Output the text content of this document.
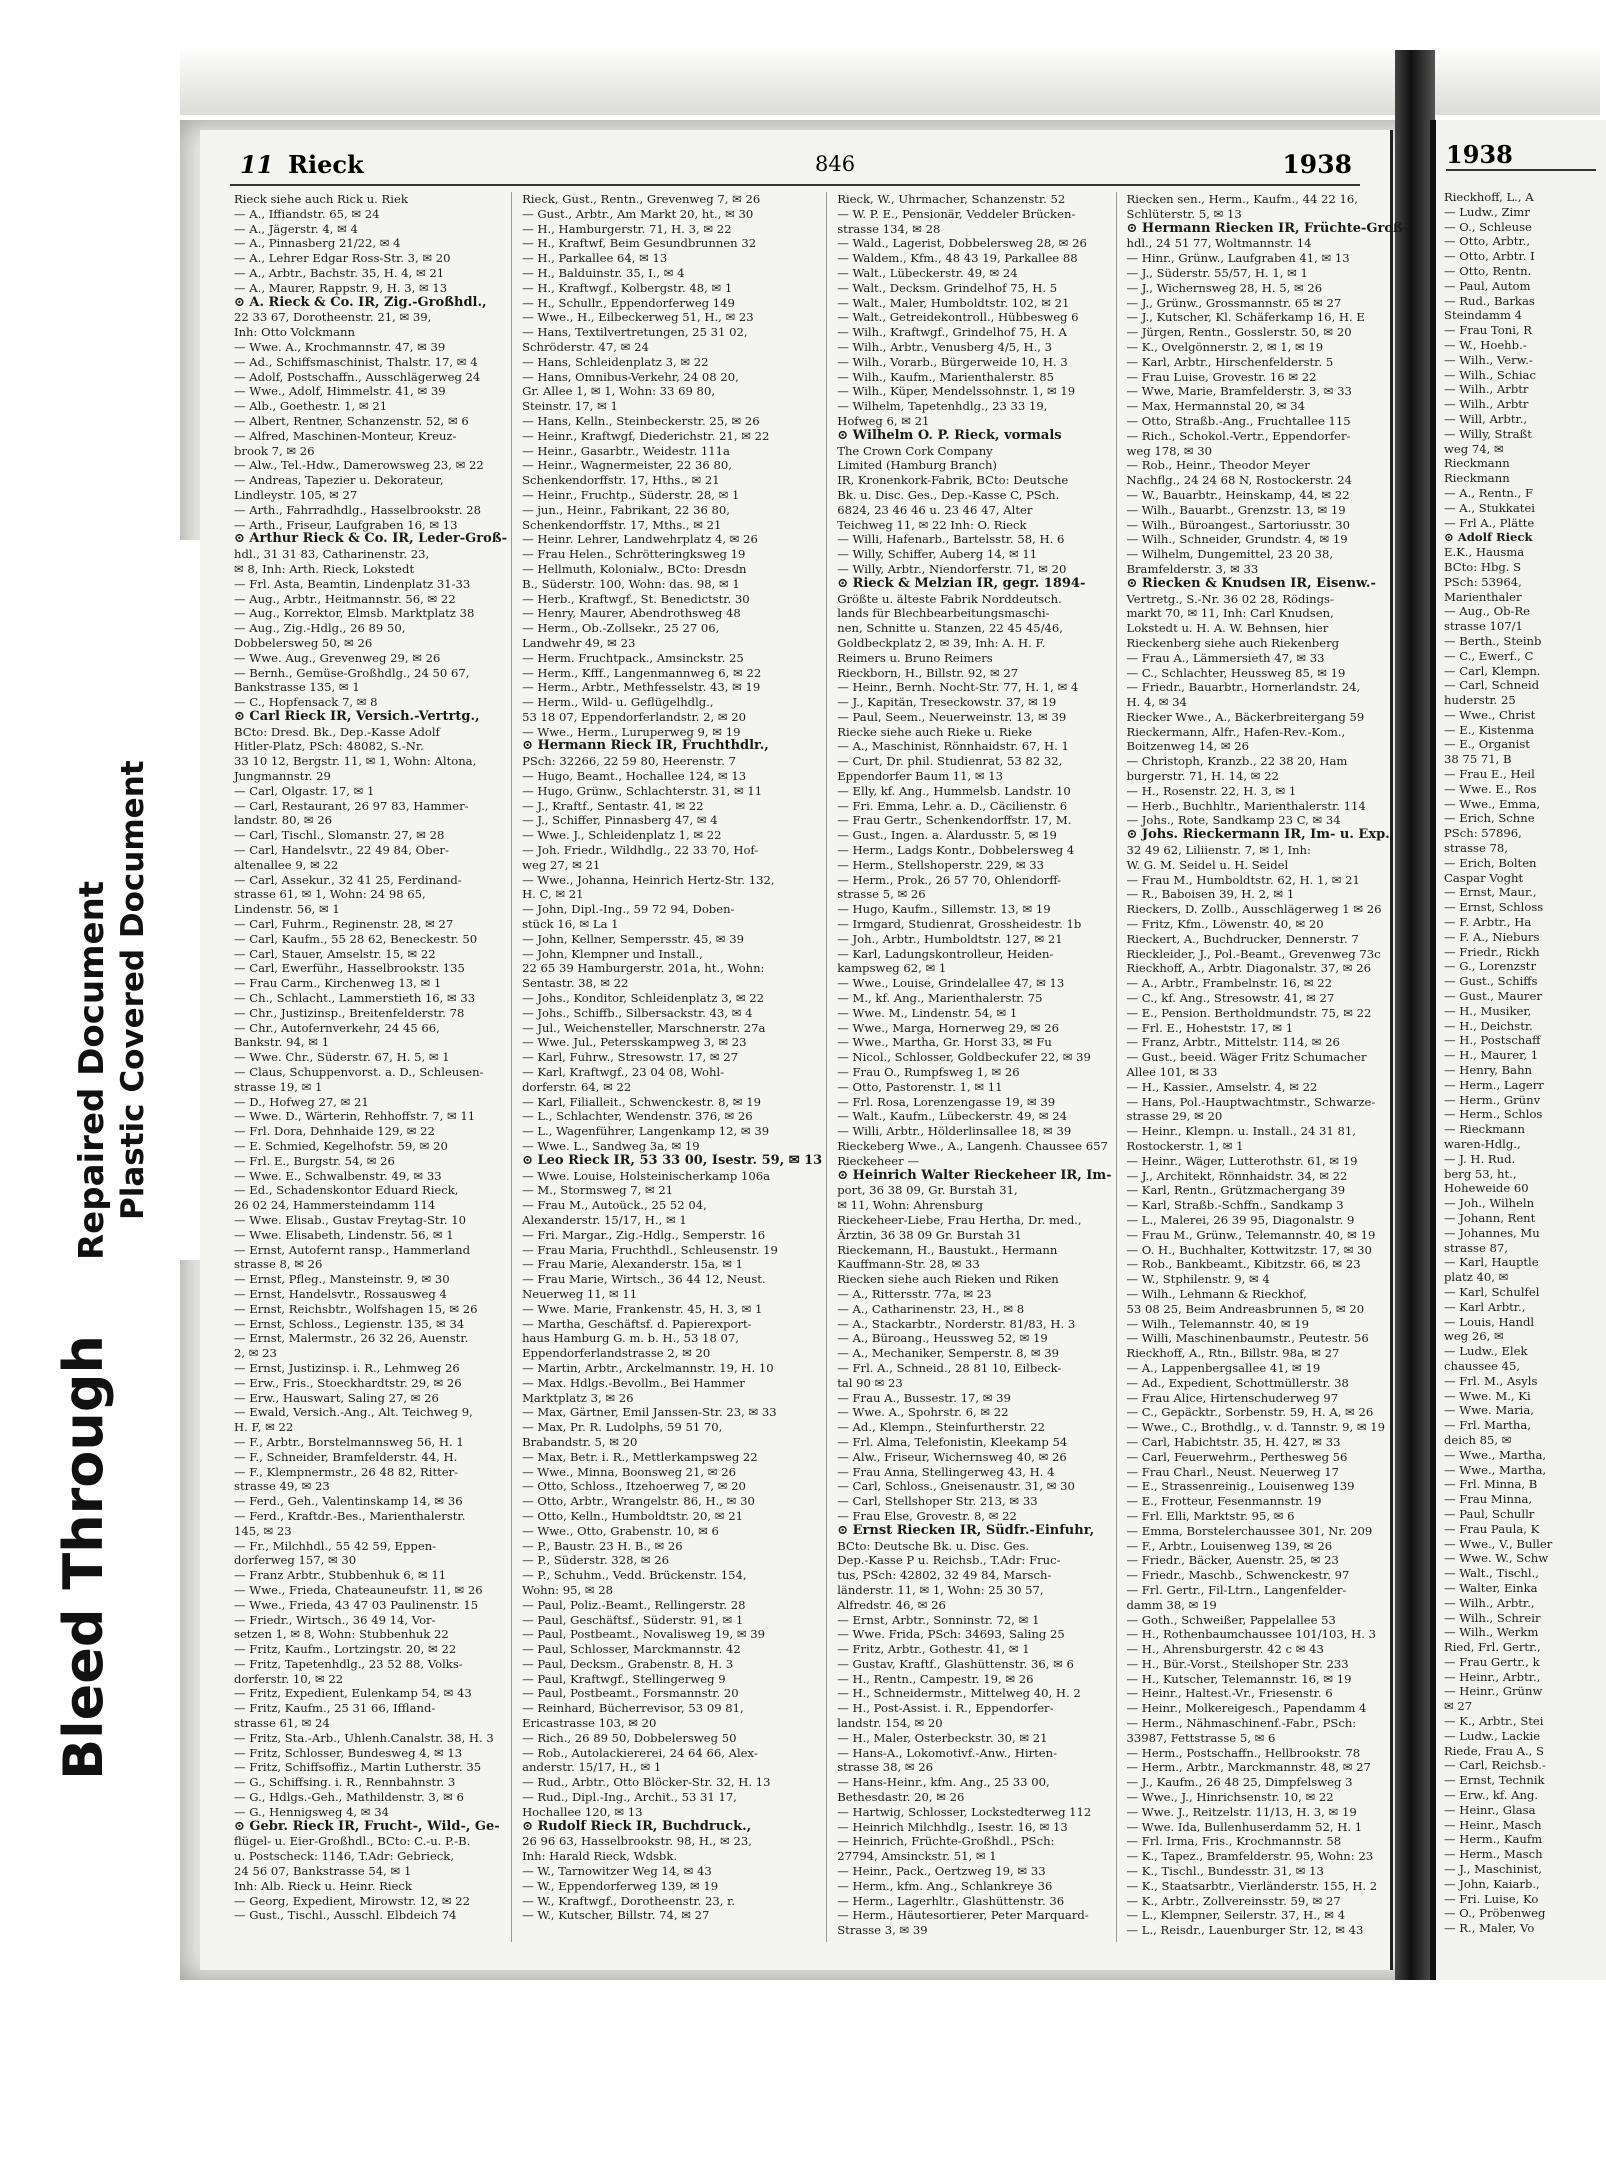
11 Rieck	846	1938
Rieck siehe auch Rick u. Riek
— A., Iffiandstr. 65, ✉ 24
— A., Jägerstr. 4, ✉ 4
— A., Pinnasberg 21/22, ✉ 4
— A., Lehrer Edgar Ross-Str. 3, ✉ 20
— A., Arbtr., Bachstr. 35, H. 4, ✉ 21
— A., Maurer, Rappstr. 9, H. 3, ✉ 13
⊙ A. Rieck & Co. IR, Zig.-Großhdl.,
22 33 67, Dorotheenstr. 21, ✉ 39,
Inh: Otto Volckmann
— Wwe. A., Krochmannstr. 47, ✉ 39
— Ad., Schiffsmaschinist, Thalstr. 17, ✉ 4
— Adolf, Postschaffn., Ausschlägerweg 24
— Wwe., Adolf, Himmelstr. 41, ✉ 39
— Alb., Goethestr. 1, ✉ 21
— Albert, Rentner, Schanzenstr. 52, ✉ 6
— Alfred, Maschinen-Monteur, Kreuz-
brook 7, ✉ 26
— Alw., Tel.-Hdw., Damerowsweg 23, ✉ 22
— Andreas, Tapezier u. Dekorateur,
Lindleystr. 105, ✉ 27
— Arth., Fahrradhdlg., Hasselbrookstr. 28
— Arth., Friseur, Laufgraben 16, ✉ 13
⊙ Arthur Rieck & Co. IR, Leder-Groß-
hdl., 31 31 83, Catharinenstr. 23,
✉ 8, Inh: Arth. Rieck, Lokstedt
— Frl. Asta, Beamtin, Lindenplatz 31-33
— Aug., Arbtr., Heitmannstr. 56, ✉ 22
— Aug., Korrektor, Elmsb. Marktplatz 38
— Aug., Zig.-Hdlg., 26 89 50,
Dobbelersweg 50, ✉ 26
— Wwe. Aug., Grevenweg 29, ✉ 26
— Bernh., Gemüse-Großhdlg., 24 50 67,
Bankstrasse 135, ✉ 1
— C., Hopfensack 7, ✉ 8
⊙ Carl Rieck IR, Versich.-Vertrtg.,
BCto: Dresd. Bk., Dep.-Kasse Adolf
Hitler-Platz, PSch: 48082, S.-Nr.
33 10 12, Bergstr. 11, ✉ 1, Wohn: Altona,
Jungmannstr. 29
— Carl, Olgastr. 17, ✉ 1
— Carl, Restaurant, 26 97 83, Hammer-
landstr. 80, ✉ 26
— Carl, Tischl., Slomanstr. 27, ✉ 28
— Carl, Handelsvtr., 22 49 84, Ober-
altenallee 9, ✉ 22
— Carl, Assekur., 32 41 25, Ferdinand-
strasse 61, ✉ 1, Wohn: 24 98 65,
Lindenstr. 56, ✉ 1
— Carl, Fuhrm., Reginenstr. 28, ✉ 27
— Carl, Kaufm., 55 28 62, Beneckestr. 50
— Carl, Stauer, Amselstr. 15, ✉ 22
— Carl, Ewerführ., Hasselbrookstr. 135
— Frau Carm., Kirchenweg 13, ✉ 1
— Ch., Schlacht., Lammerstieth 16, ✉ 33
— Chr., Justizinsp., Breitenfelderstr. 78
— Chr., Autofernverkehr, 24 45 66,
Bankstr. 94, ✉ 1
— Wwe. Chr., Süderstr. 67, H. 5, ✉ 1
— Claus, Schuppenvorst. a. D., Schleusen-
strasse 19, ✉ 1
— D., Hofweg 27, ✉ 21
— Wwe. D., Wärterin, Rehhoffstr. 7, ✉ 11
— Frl. Dora, Dehnhaide 129, ✉ 22
— E. Schmied, Kegelhofstr. 59, ✉ 20
— Frl. E., Burgstr. 54, ✉ 26
— Wwe. E., Schwalbenstr. 49, ✉ 33
— Ed., Schadenskontor Eduard Rieck,
26 02 24, Hammersteindamm 114
— Wwe. Elisab., Gustav Freytag-Str. 10
— Wwe. Elisabeth, Lindenstr. 56, ✉ 1
— Ernst, Autofernt ransp., Hammerland
strasse 8, ✉ 26
— Ernst, Pfleg., Mansteinstr. 9, ✉ 30
— Ernst, Handelsvtr., Rossausweg 4
— Ernst, Reichsbtr., Wolfshagen 15, ✉ 26
— Ernst, Schloss., Legienstr. 135, ✉ 34
— Ernst, Malermstr., 26 32 26, Auenstr.
2, ✉ 23
— Ernst, Justizinsp. i. R., Lehmweg 26
— Erw., Fris., Stoeckhardtstr. 29, ✉ 26
— Erw., Hauswart, Saling 27, ✉ 26
— Ewald, Versich.-Ang., Alt. Teichweg 9,
H. F, ✉ 22
— F., Arbtr., Borstelmannsweg 56, H. 1
— F., Schneider, Bramfelderstr. 44, H.
— F., Klempnermstr., 26 48 82, Ritter-
strasse 49, ✉ 23
— Ferd., Geh., Valentinskamp 14, ✉ 36
— Ferd., Kraftdr.-Bes., Marienthalerstr.
145, ✉ 23
— Fr., Milchhdl., 55 42 59, Eppen-
dorferweg 157, ✉ 30
— Franz Arbtr., Stubbenhuk 6, ✉ 11
— Wwe., Frieda, Chateauneufstr. 11, ✉ 26
— Wwe., Frieda, 43 47 03 Paulinenstr. 15
— Friedr., Wirtsch., 36 49 14, Vor-
setzen 1, ✉ 8, Wohn: Stubbenhuk 22
— Fritz, Kaufm., Lortzingstr. 20, ✉ 22
— Fritz, Tapetenhdlg., 23 52 88, Volks-
dorferstr. 10, ✉ 22
— Fritz, Expedient, Eulenkamp 54, ✉ 43
— Fritz, Kaufm., 25 31 66, Iffland-
strasse 61, ✉ 24
— Fritz, Sta.-Arb., Uhlenh.Canalstr. 38, H. 3
— Fritz, Schlosser, Bundesweg 4, ✉ 13
— Fritz, Schiffsoffiz., Martin Lutherstr. 35
— G., Schiffsing. i. R., Rennbahnstr. 3
— G., Hdlgs.-Geh., Mathildenstr. 3, ✉ 6
— G., Hennigsweg 4, ✉ 34
⊙ Gebr. Rieck IR, Frucht-, Wild-, Ge-
flügel- u. Eier-Großhdl., BCto: C.-u. P.-B.
u. Postscheck: 1146, T.Adr: Gebrieck,
24 56 07, Bankstrasse 54, ✉ 1
Inh: Alb. Rieck u. Heinr. Rieck
— Georg, Expedient, Mirowstr. 12, ✉ 22
— Gust., Tischl., Ausschl. Elbdeich 74
Rieck, Gust., Rentn., Grevenweg 7, ✉ 26
— Gust., Arbtr., Am Markt 20, ht., ✉ 30
— H., Hamburgerstr. 71, H. 3, ✉ 22
— H., Kraftwf, Beim Gesundbrunnen 32
— H., Parkallee 64, ✉ 13
— H., Balduinstr. 35, I., ✉ 4
— H., Kraftwgf., Kolbergstr. 48, ✉ 1
— H., Schullr., Eppendorferweg 149
— Wwe., H., Eilbeckerweg 51, H., ✉ 23
— Hans, Textilvertretungen, 25 31 02,
Schröderstr. 47, ✉ 24
— Hans, Schleidenplatz 3, ✉ 22
— Hans, Omnibus-Verkehr, 24 08 20,
Gr. Allee 1, ✉ 1, Wohn: 33 69 80,
Steinstr. 17, ✉ 1
— Hans, Kelln., Steinbeckerstr. 25, ✉ 26
— Heinr., Kraftwgf, Diederichstr. 21, ✉ 22
— Heinr., Gasarbtr., Weidestr. 111a
— Heinr., Wagnermeister, 22 36 80,
Schenkendorffstr. 17, Hths., ✉ 21
— Heinr., Fruchtp., Süderstr. 28, ✉ 1
— jun., Heinr., Fabrikant, 22 36 80,
Schenkendorffstr. 17, Mths., ✉ 21
— Heinr. Lehrer, Landwehrplatz 4, ✉ 26
— Frau Helen., Schrötteringksweg 19
— Hellmuth, Kolonialw., BCto: Dresdn
B., Süderstr. 100, Wohn: das. 98, ✉ 1
— Herb., Kraftwgf., St. Benedictstr. 30
— Henry, Maurer, Abendrothsweg 48
— Herm., Ob.-Zollsekr., 25 27 06,
Landwehr 49, ✉ 23
— Herm. Fruchtpack., Amsinckstr. 25
— Herm., Kfff., Langenmannweg 6, ✉ 22
— Herm., Arbtr., Methfesselstr. 43, ✉ 19
— Herm., Wild- u. Geflügelhdlg.,
53 18 07, Eppendorferlandstr. 2, ✉ 20
— Wwe., Herm., Luruperweg 9, ✉ 19
⊙ Hermann Rieck IR, Fruchthdlr.,
PSch: 32266, 22 59 80, Heerenstr. 7
— Hugo, Beamt., Hochallee 124, ✉ 13
— Hugo, Grünw., Schlachterstr. 31, ✉ 11
— J., Kraftf., Sentastr. 41, ✉ 22
— J., Schiffer, Pinnasberg 47, ✉ 4
— Wwe. J., Schleidenplatz 1, ✉ 22
— Joh. Friedr., Wildhdlg., 22 33 70, Hof-
weg 27, ✉ 21
— Wwe., Johanna, Heinrich Hertz-Str. 132,
H. C, ✉ 21
— John, Dipl.-Ing., 59 72 94, Doben-
stück 16, ✉ La 1
— John, Kellner, Sempersstr. 45, ✉ 39
— John, Klempner und Install.,
22 65 39 Hamburgerstr. 201a, ht., Wohn:
Sentastr. 38, ✉ 22
— Johs., Konditor, Schleidenplatz 3, ✉ 22
— Johs., Schiffb., Silbersackstr. 43, ✉ 4
— Jul., Weichensteller, Marschnerstr. 27a
— Wwe. Jul., Petersskampweg 3, ✉ 23
— Karl, Fuhrw., Stresowstr. 17, ✉ 27
— Karl, Kraftwgf., 23 04 08, Wohl-
dorferstr. 64, ✉ 22
— Karl, Filialleit., Schwenckestr. 8, ✉ 19
— L., Schlachter, Wendenstr. 376, ✉ 26
— L., Wagenführer, Langenkamp 12, ✉ 39
— Wwe. L., Sandweg 3a, ✉ 19
⊙ Leo Rieck IR, 53 33 00, Isestr. 59, ✉ 13
— Wwe. Louise, Holsteinischerkamp 106a
— M., Stormsweg 7, ✉ 21
— Frau M., Autoück., 25 52 04,
Alexanderstr. 15/17, H., ✉ 1
— Fri. Margar., Zig.-Hdlg., Semperstr. 16
— Frau Maria, Fruchthdl., Schleusenstr. 19
— Frau Marie, Alexanderstr. 15a, ✉ 1
— Frau Marie, Wirtsch., 36 44 12, Neust.
Neuerweg 11, ✉ 11
— Wwe. Marie, Frankenstr. 45, H. 3, ✉ 1
— Martha, Geschäftsf. d. Papierexport-
haus Hamburg G. m. b. H., 53 18 07,
Eppendorferlandstrasse 2, ✉ 20
— Martin, Arbtr., Arckelmannstr. 19, H. 10
— Max. Hdlgs.-Bevollm., Bei Hammer
Marktplatz 3, ✉ 26
— Max, Gärtner, Emil Janssen-Str. 23, ✉ 33
— Max, Pr. R. Ludolphs, 59 51 70,
Brabandstr. 5, ✉ 20
— Max, Betr. i. R., Mettlerkampsweg 22
— Wwe., Minna, Boonsweg 21, ✉ 26
— Otto, Schloss., Itzehoerweg 7, ✉ 20
— Otto, Arbtr., Wrangelstr. 86, H., ✉ 30
— Otto, Kelln., Humboldtstr. 20, ✉ 21
— Wwe., Otto, Grabenstr. 10, ✉ 6
— P., Baustr. 23 H. B., ✉ 26
— P., Süderstr. 328, ✉ 26
— P., Schuhm., Vedd. Brückenstr. 154,
Wohn: 95, ✉ 28
— Paul, Poliz.-Beamt., Rellingerstr. 28
— Paul, Geschäftsf., Süderstr. 91, ✉ 1
— Paul, Postbeamt., Novalisweg 19, ✉ 39
— Paul, Schlosser, Marckmannstr. 42
— Paul, Decksm., Grabenstr. 8, H. 3
— Paul, Kraftwgf., Stellingerweg 9
— Paul, Postbeamt., Forsmannstr. 20
— Reinhard, Bücherrevisor, 53 09 81,
Ericastrasse 103, ✉ 20
— Rich., 26 89 50, Dobbelersweg 50
— Rob., Autolackiererei, 24 64 66, Alex-
anderstr. 15/17, H., ✉ 1
— Rud., Arbtr., Otto Blöcker-Str. 32, H. 13
— Rud., Dipl.-Ing., Archit., 53 31 17,
Hochallee 120, ✉ 13
⊙ Rudolf Rieck IR, Buchdruck.,
26 96 63, Hasselbrookstr. 98, H., ✉ 23,
Inh: Harald Rieck, Wdsbk.
— W., Tarnowitzer Weg 14, ✉ 43
— W., Eppendorferweg 139, ✉ 19
— W., Kraftwgf., Dorotheenstr. 23, r.
— W., Kutscher, Billstr. 74, ✉ 27
Rieck, W., Uhrmacher, Schanzenstr. 52
— W. P. E., Pensionär, Veddeler Brücken-
strasse 134, ✉ 28
— Wald., Lagerist, Dobbelersweg 28, ✉ 26
— Waldem., Kfm., 48 43 19, Parkallee 88
— Walt., Lübeckerstr. 49, ✉ 24
— Walt., Decksm. Grindelhof 75, H. 5
— Walt., Maler, Humboldtstr. 102, ✉ 21
— Walt., Getreidekontroll., Hübbesweg 6
— Wilh., Kraftwgf., Grindelhof 75, H. A
— Wilh., Arbtr., Venusberg 4/5, H., 3
— Wilh., Vorarb., Bürgerweide 10, H. 3
— Wilh., Kaufm., Marienthalerstr. 85
— Wilh., Küper, Mendelssohnstr. 1, ✉ 19
— Wilhelm, Tapetenhdlg., 23 33 19,
Hofweg 6, ✉ 21
⊙ Wilhelm O. P. Rieck, vormals
The Crown Cork Company
Limited (Hamburg Branch)
IR, Kronenkork-Fabrik, BCto: Deutsche
Bk. u. Disc. Ges., Dep.-Kasse C, PSch.
6824, 23 46 46 u. 23 46 47, Alter
Teichweg 11, ✉ 22 Inh: O. Rieck
— Willi, Hafenarb., Bartelsstr. 58, H. 6
— Willy, Schiffer, Auberg 14, ✉ 11
— Willy, Arbtr., Niendorferstr. 71, ✉ 20
⊙ Rieck & Melzian IR, gegr. 1894-
Größte u. älteste Fabrik Norddeutsch.
lands für Blechbearbeitungsmaschi-
nen, Schnitte u. Stanzen, 22 45 45/46,
Goldbeckplatz 2, ✉ 39, Inh: A. H. F.
Reimers u. Bruno Reimers
Rieckborn, H., Billstr. 92, ✉ 27
— Heinr., Bernh. Nocht-Str. 77, H. 1, ✉ 4
— J., Kapitän, Treseckowstr. 37, ✉ 19
— Paul, Seem., Neuerweinstr. 13, ✉ 39
Riecke siehe auch Rieke u. Rieke
— A., Maschinist, Rönnhaidstr. 67, H. 1
— Curt, Dr. phil. Studienrat, 53 82 32,
Eppendorfer Baum 11, ✉ 13
— Elly, kf. Ang., Hummelsb. Landstr. 10
— Fri. Emma, Lehr. a. D., Cäcilienstr. 6
— Frau Gertr., Schenkendorffstr. 17, M.
— Gust., Ingen. a. Alardusstr. 5, ✉ 19
— Herm., Ladgs Kontr., Dobbelersweg 4
— Herm., Stellshoperstr. 229, ✉ 33
— Herm., Prok., 26 57 70, Ohlendorff-
strasse 5, ✉ 26
— Hugo, Kaufm., Sillemstr. 13, ✉ 19
— Irmgard, Studienrat, Grossheidestr. 1b
— Joh., Arbtr., Humboldtstr. 127, ✉ 21
— Karl, Ladungskontrolleur, Heiden-
kampsweg 62, ✉ 1
— Wwe., Louise, Grindelallee 47, ✉ 13
— M., kf. Ang., Marienthalerstr. 75
— Wwe. M., Lindenstr. 54, ✉ 1
— Wwe., Marga, Hornerweg 29, ✉ 26
— Wwe., Martha, Gr. Horst 33, ✉ Fu
— Nicol., Schlosser, Goldbeckufer 22, ✉ 39
— Frau O., Rumpfsweg 1, ✉ 26
— Otto, Pastorenstr. 1, ✉ 11
— Frl. Rosa, Lorenzengasse 19, ✉ 39
— Walt., Kaufm., Lübeckerstr. 49, ✉ 24
— Willi, Arbtr., Hölderlinsallee 18, ✉ 39
Rieckeberg Wwe., A., Langenh. Chaussee 657
Rieckeheer —
⊙ Heinrich Walter Rieckeheer IR, Im-
port, 36 38 09, Gr. Burstah 31,
✉ 11, Wohn: Ahrensburg
Rieckeheer-Liebe, Frau Hertha, Dr. med.,
Ärztin, 36 38 09 Gr. Burstah 31
Rieckemann, H., Baustukt., Hermann
Kauffmann-Str. 28, ✉ 33
Riecken siehe auch Rieken und Riken
— A., Rittersstr. 77a, ✉ 23
— A., Catharinenstr. 23, H., ✉ 8
— A., Stackarbtr., Norderstr. 81/83, H. 3
— A., Büroang., Heussweg 52, ✉ 19
— A., Mechaniker, Semperstr. 8, ✉ 39
— Frl. A., Schneid., 28 81 10, Eilbeck-
tal 90 ✉ 23
— Frau A., Bussestr. 17, ✉ 39
— Wwe. A., Spohrstr. 6, ✉ 22
— Ad., Klempn., Steinfurtherstr. 22
— Frl. Alma, Telefonistin, Kleekamp 54
— Alw., Friseur, Wichernsweg 40, ✉ 26
— Frau Anna, Stellingerweg 43, H. 4
— Carl, Schloss., Gneisenaustr. 31, ✉ 30
— Carl, Stellshoper Str. 213, ✉ 33
— Frau Else, Grovestr. 8, ✉ 22
⊙ Ernst Riecken IR, Südfr.-Einfuhr,
BCto: Deutsche Bk. u. Disc. Ges.
Dep.-Kasse P u. Reichsb., T.Adr: Fruc-
tus, PSch: 42802, 32 49 84, Marsch-
länderstr. 11, ✉ 1, Wohn: 25 30 57,
Alfredstr. 46, ✉ 26
— Ernst, Arbtr., Sonninstr. 72, ✉ 1
— Wwe. Frida, PSch: 34693, Saling 25
— Fritz, Arbtr., Gothestr. 41, ✉ 1
— Gustav, Kraftf., Glashüttenstr. 36, ✉ 6
— H., Rentn., Campestr. 19, ✉ 26
— H., Schneidermstr., Mittelweg 40, H. 2
— H., Post-Assist. i. R., Eppendorfer-
landstr. 154, ✉ 20
— H., Maler, Osterbeckstr. 30, ✉ 21
— Hans-A., Lokomotivf.-Anw., Hirten-
strasse 38, ✉ 26
— Hans-Heinr., kfm. Ang., 25 33 00,
Bethesdastr. 20, ✉ 26
— Hartwig, Schlosser, Lockstedterweg 112
— Heinrich Milchhdlg., Isestr. 16, ✉ 13
— Heinrich, Früchte-Großhdl., PSch:
27794, Amsinckstr. 51, ✉ 1
— Heinr., Pack., Oertzweg 19, ✉ 33
— Herm., kfm. Ang., Schlankreye 36
— Herm., Lagerhltr., Glashüttenstr. 36
— Herm., Häutesortierer, Peter Marquard-
Strasse 3, ✉ 39
Riecken sen., Herm., Kaufm., 44 22 16,
Schlüterstr. 5, ✉ 13
⊙ Hermann Riecken IR, Früchte-Groß-
hdl., 24 51 77, Woltmannstr. 14
— Hinr., Grünw., Laufgraben 41, ✉ 13
— J., Süderstr. 55/57, H. 1, ✉ 1
— J., Wichernsweg 28, H. 5, ✉ 26
— J., Grünw., Grossmannstr. 65 ✉ 27
— J., Kutscher, Kl. Schäferkamp 16, H. E
— Jürgen, Rentn., Gosslerstr. 50, ✉ 20
— K., Ovelgönnerstr. 2, ✉ 1, ✉ 19
— Karl, Arbtr., Hirschenfelderstr. 5
— Frau Luise, Grovestr. 16 ✉ 22
— Wwe, Marie, Bramfelderstr. 3, ✉ 33
— Max, Hermannstal 20, ✉ 34
— Otto, Straßb.-Ang., Fruchtallee 115
— Rich., Schokol.-Vertr., Eppendorfer-
weg 178, ✉ 30
— Rob., Heinr., Theodor Meyer
Nachflg., 24 24 68 N, Rostockerstr. 24
— W., Bauarbtr., Heinskamp, 44, ✉ 22
— Wilh., Bauarbt., Grenzstr. 13, ✉ 19
— Wilh., Büroangest., Sartoriusstr. 30
— Wilh., Schneider, Grundstr. 4, ✉ 19
— Wilhelm, Dungemittel, 23 20 38,
Bramfelderstr. 3, ✉ 33
⊙ Riecken & Knudsen IR, Eisenw.-
Vertretg., S.-Nr. 36 02 28, Rödings-
markt 70, ✉ 11, Inh: Carl Knudsen,
Lokstedt u. H. A. W. Behnsen, hier
Rieckenberg siehe auch Riekenberg
— Frau A., Lämmersieth 47, ✉ 33
— C., Schlachter, Heussweg 85, ✉ 19
— Friedr., Bauarbtr., Hornerlandstr. 24,
H. 4, ✉ 34
Riecker Wwe., A., Bäckerbreitergang 59
Rieckermann, Alfr., Hafen-Rev.-Kom.,
Boitzenweg 14, ✉ 26
— Christoph, Kranzb., 22 38 20, Ham
burgerstr. 71, H. 14, ✉ 22
— H., Rosenstr. 22, H. 3, ✉ 1
— Herb., Buchhltr., Marienthalerstr. 114
— Johs., Rote, Sandkamp 23 C, ✉ 34
⊙ Johs. Rieckermann IR, Im- u. Exp.,
32 49 62, Liliienstr. 7, ✉ 1, Inh:
W. G. M. Seidel u. H. Seidel
— Frau M., Humboldtstr. 62, H. 1, ✉ 21
— R., Baboisen 39, H. 2, ✉ 1
Rieckers, D. Zollb., Ausschlägerweg 1 ✉ 26
— Fritz, Kfm., Löwenstr. 40, ✉ 20
Rieckert, A., Buchdrucker, Dennerstr. 7
Rieckleider, J., Pol.-Beamt., Grevenweg 73c
Rieckhoff, A., Arbtr. Diagonalstr. 37, ✉ 26
— A., Arbtr., Frambelnstr. 16, ✉ 22
— C., kf. Ang., Stresowstr. 41, ✉ 27
— E., Pension. Bertholdmundstr. 75, ✉ 22
— Frl. E., Hoheststr. 17, ✉ 1
— Franz, Arbtr., Mittelstr. 114, ✉ 26
— Gust., beeid. Wäger Fritz Schumacher
Allee 101, ✉ 33
— H., Kassier., Amselstr. 4, ✉ 22
— Hans, Pol.-Hauptwachtmstr., Schwarze-
strasse 29, ✉ 20
— Heinr., Klempn. u. Install., 24 31 81,
Rostockerstr. 1, ✉ 1
— Heinr., Wäger, Lutterothstr. 61, ✉ 19
— J., Architekt, Rönnhaidstr. 34, ✉ 22
— Karl, Rentn., Grützmachergang 39
— Karl, Straßb.-Schffn., Sandkamp 3
— L., Malerei, 26 39 95, Diagonalstr. 9
— Frau M., Grünw., Telemannstr. 40, ✉ 19
— O. H., Buchhalter, Kottwitzstr. 17, ✉ 30
— Rob., Bankbeamt., Kibitzstr. 66, ✉ 23
— W., Stphilenstr. 9, ✉ 4
— Wilh., Lehmann & Rieckhof,
53 08 25, Beim Andreasbrunnen 5, ✉ 20
— Wilh., Telemannstr. 40, ✉ 19
— Willi, Maschinenbaumstr., Peutestr. 56
Rieckhoff, A., Rtn., Billstr. 98a, ✉ 27
— A., Lappenbergsallee 41, ✉ 19
— Ad., Expedient, Schottmüllerstr. 38
— Frau Alice, Hirtenschuderweg 97
— C., Gepäcktr., Sorbenstr. 59, H. A, ✉ 26
— Wwe., C., Brothdlg., v. d. Tannstr. 9, ✉ 19
— Carl, Habichtstr. 35, H. 427, ✉ 33
— Carl, Feuerwehrm., Perthesweg 56
— Frau Charl., Neust. Neuerweg 17
— E., Strassenreinig., Louisenweg 139
— E., Frotteur, Fesenmannstr. 19
— Frl. Elli, Marktstr. 95, ✉ 6
— Emma, Borstelerchaussee 301, Nr. 209
— F., Arbtr., Louisenweg 139, ✉ 26
— Friedr., Bäcker, Auenstr. 25, ✉ 23
— Friedr., Maschb., Schwenckestr. 97
— Frl. Gertr., Fil-Ltrn., Langenfelder-
damm 38, ✉ 19
— Goth., Schweißer, Pappelallee 53
— H., Rothenbaumchaussee 101/103, H. 3
— H., Ahrensburgerstr. 42 c ✉ 43
— H., Bür.-Vorst., Steilshoper Str. 233
— H., Kutscher, Telemannstr. 16, ✉ 19
— Heinr., Haltest.-Vr., Friesenstr. 6
— Heinr., Molkereigesch., Papendamm 4
— Herm., Nähmaschinenf.-Fabr., PSch:
33987, Fettstrasse 5, ✉ 6
— Herm., Postschaffn., Hellbrookstr. 78
— Herm., Arbtr., Marckmannstr. 48, ✉ 27
— J., Kaufm., 26 48 25, Dimpfelsweg 3
— Wwe., J., Hinrichsenstr. 10, ✉ 22
— Wwe. J., Reitzelstr. 11/13, H. 3, ✉ 19
— Wwe. Ida, Bullenhuserdamm 52, H. 1
— Frl. Irma, Fris., Krochmannstr. 58
— K., Tapez., Bramfelderstr. 95, Wohn: 23
— K., Tischl., Bundesstr. 31, ✉ 13
— K., Staatsarbtr., Vierländerstr. 155, H. 2
— K., Arbtr., Zollvereinsstr. 59, ✉ 27
— L., Klempner, Seilerstr. 37, H., ✉ 4
— L., Reisdr., Lauenburger Str. 12, ✉ 43
1938
Rieckhoff, L., A
— Ludw., Zimr
— O., Schleuse
— Otto, Arbtr.,
— Otto, Arbtr. I
— Otto, Rentn.
— Paul, Autom
— Rud., Barkas
Steindamm 4
— Frau Toni, R
— W., Hoehb.-
— Wilh., Verw.-
— Wilh., Schiac
— Wilh., Arbtr
— Wilh., Arbtr
— Will, Arbtr.,
— Willy, Straßt
weg 74, ✉
Rieckmann
Rieckmann
— A., Rentn., F
— A., Stukkatei
— Frl A., Plätte
⊙ Adolf Rieck
E.K., Hausma
BCto: Hbg. S
PSch: 53964,
Marienthaler
— Aug., Ob-Re
strasse 107/1
— Berth., Steinb
— C., Ewerf., C
— Carl, Klempn.
— Carl, Schneid
huderstr. 25
— Wwe., Christ
— E., Kistenma
— E., Organist
38 75 71, B
— Frau E., Heil
— Wwe. E., Ros
— Wwe., Emma,
— Erich, Schne
PSch: 57896,
strasse 78,
— Erich, Bolten
Caspar Voght
— Ernst, Maur.,
— Ernst, Schloss
— F. Arbtr., Ha
— F. A., Nieburs
— Friedr., Rickh
— G., Lorenzstr
— Gust., Schiffs
— Gust., Maurer
— H., Musiker,
— H., Deichstr.
— H., Postschaff
— H., Maurer, 1
— Henry, Bahn
— Herm., Lagerr
— Herm., Grünv
— Herm., Schlos
— Rieckmann
waren-Hdlg.,
— J. H. Rud.
berg 53, ht.,
Hoheweide 60
— Joh., Wilheln
— Johann, Rent
— Johannes, Mu
strasse 87,
— Karl, Hauptle
platz 40, ✉
— Karl, Schulfel
— Karl Arbtr.,
— Louis, Handl
weg 26, ✉
— Ludw., Elek
chaussee 45,
— Frl. M., Asyls
— Wwe. M., Ki
— Wwe. Maria,
— Frl. Martha,
deich 85, ✉
— Wwe., Martha,
— Wwe., Martha,
— Frl. Minna, B
— Frau Minna,
— Paul, Schullr
— Frau Paula, K
— Wwe., V., Buller
— Wwe. W., Schw
— Walt., Tischl.,
— Walter, Einka
— Wilh., Arbtr.,
— Wilh., Schreir
— Wilh., Werkm
Ried, Frl. Gertr.,
— Frau Gertr., k
— Heinr., Arbtr.,
— Heinr., Grünw
✉ 27
— K., Arbtr., Stei
— Ludw., Lackie
Riede, Frau A., S
— Carl, Reichsb.-
— Ernst, Technik
— Erw., kf. Ang.
— Heinr., Glasa
— Heinr., Masch
— Herm., Kaufm
— Herm., Masch
— J., Maschinist,
— John, Kaiarb.,
— Fri. Luise, Ko
— O., Pröbenweg
— R., Maler, Vo
Bleed Through
Repaired Document Plastic Covered Document
